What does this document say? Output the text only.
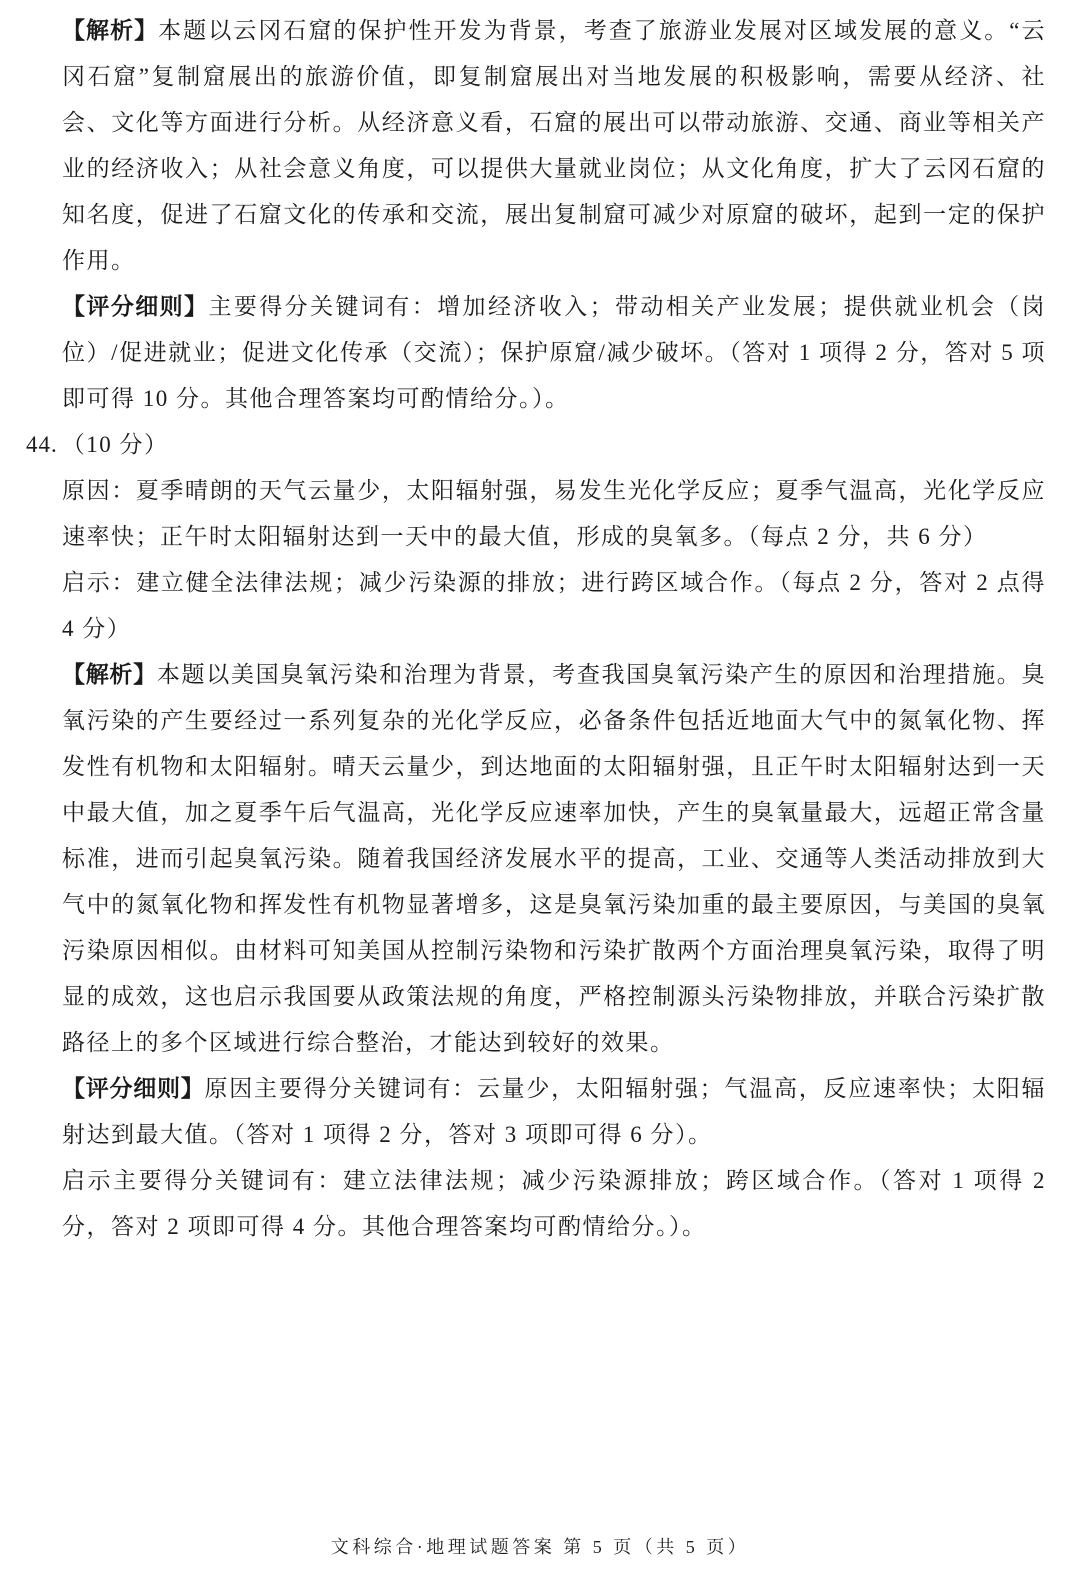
【解析】本题以云冈石窟的保护性开发为背景，考查了旅游业发展对区域发展的意义。“云冈石窟”复制窟展出的旅游价值，即复制窟展出对当地发展的积极影响，需要从经济、社会、文化等方面进行分析。从经济意义看，石窟的展出可以带动旅游、交通、商业等相关产业的经济收入；从社会意义角度，可以提供大量就业岗位；从文化角度，扩大了云冈石窟的知名度，促进了石窟文化的传承和交流，展出复制窟可减少对原窟的破坏，起到一定的保护作用。

【评分细则】主要得分关键词有：增加经济收入；带动相关产业发展；提供就业机会（岗位）/促进就业；促进文化传承（交流）；保护原窟/减少破坏。（答对 1 项得 2 分，答对 5 项即可得 10 分。其他合理答案均可酌情给分。）。

44. （10 分）

原因：夏季晴朗的天气云量少，太阳辐射强，易发生光化学反应；夏季气温高，光化学反应速率快；正午时太阳辐射达到一天中的最大值，形成的臭氧多。（每点 2 分，共 6 分）

启示：建立健全法律法规；减少污染源的排放；进行跨区域合作。（每点 2 分，答对 2 点得 4 分）

【解析】本题以美国臭氧污染和治理为背景，考查我国臭氧污染产生的原因和治理措施。臭氧污染的产生要经过一系列复杂的光化学反应，必备条件包括近地面大气中的氮氧化物、挥发性有机物和太阳辐射。晴天云量少，到达地面的太阳辐射强，且正午时太阳辐射达到一天中最大值，加之夏季午后气温高，光化学反应速率加快，产生的臭氧量最大，远超正常含量标准，进而引起臭氧污染。随着我国经济发展水平的提高，工业、交通等人类活动排放到大气中的氮氧化物和挥发性有机物显著增多，这是臭氧污染加重的最主要原因，与美国的臭氧污染原因相似。由材料可知美国从控制污染物和污染扩散两个方面治理臭氧污染，取得了明显的成效，这也启示我国要从政策法规的角度，严格控制源头污染物排放，并联合污染扩散路径上的多个区域进行综合整治，才能达到较好的效果。

【评分细则】原因主要得分关键词有：云量少，太阳辐射强；气温高，反应速率快；太阳辐射达到最大值。（答对 1 项得 2 分，答对 3 项即可得 6 分）。

启示主要得分关键词有：建立法律法规；减少污染源排放；跨区域合作。（答对 1 项得 2 分，答对 2 项即可得 4 分。其他合理答案均可酌情给分。）。

文科综合·地理试题答案 第 5 页（共 5 页）
